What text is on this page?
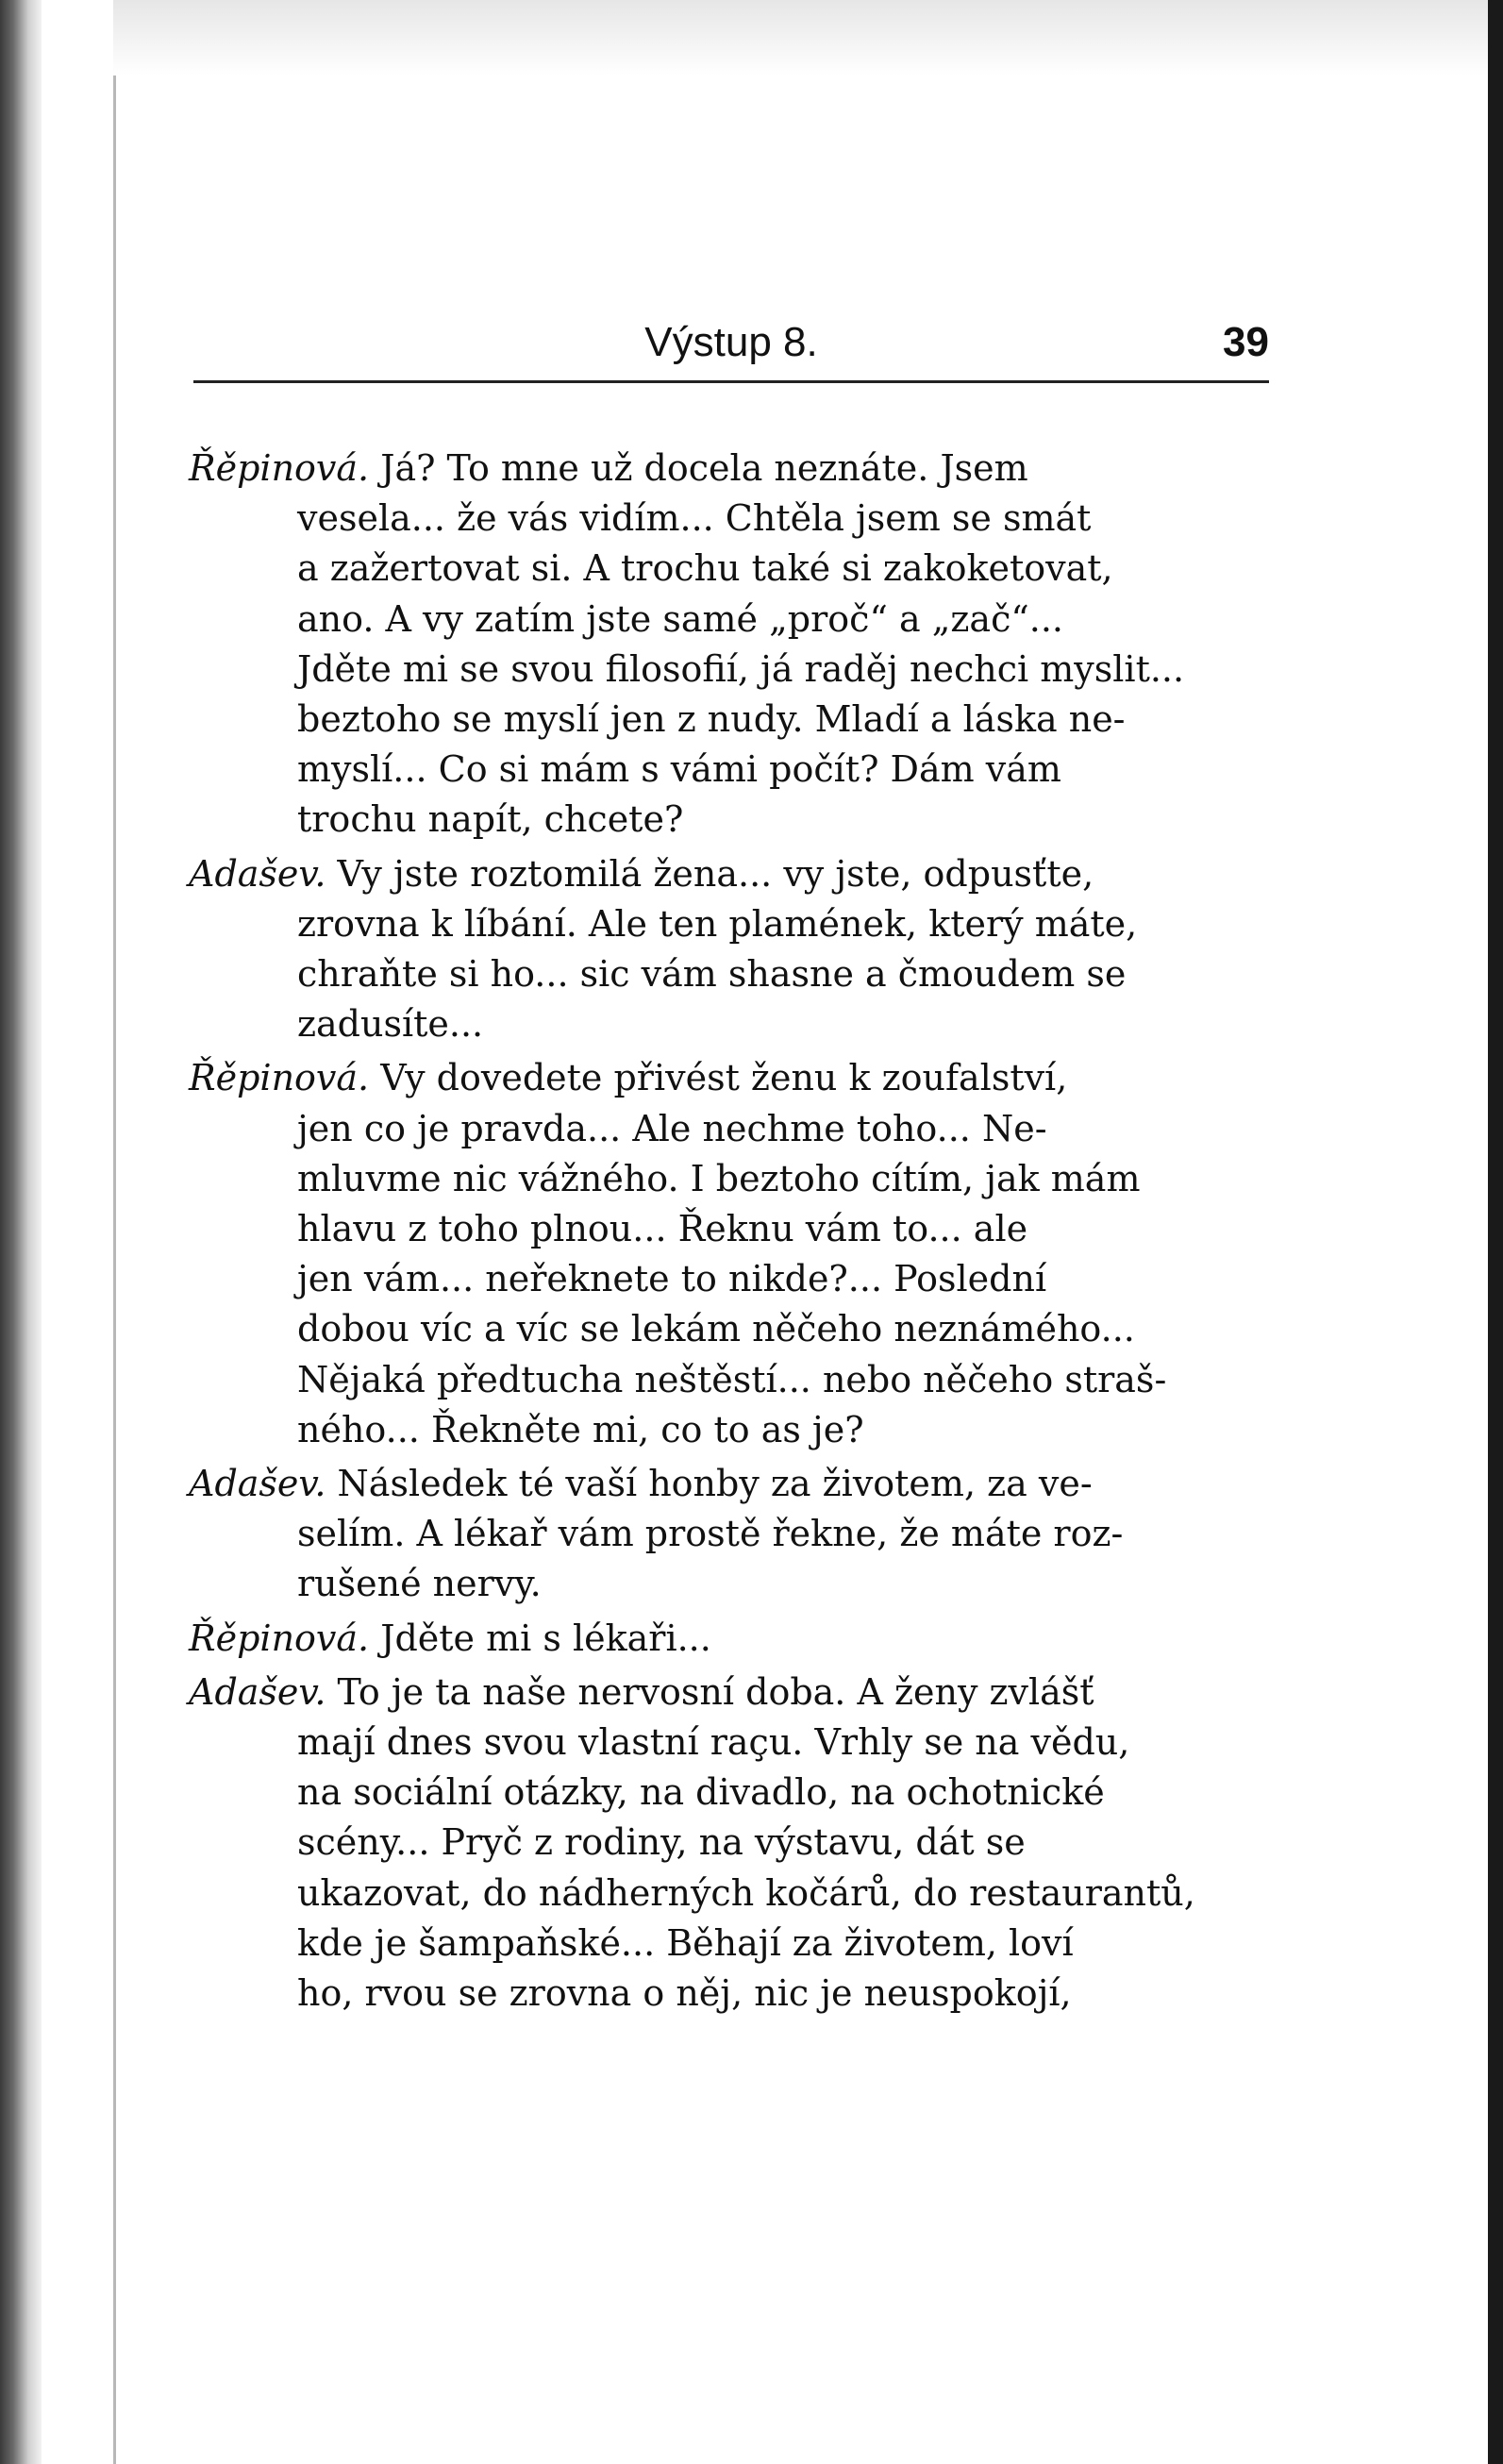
Výstup 8.	39
Řěpinová. Já? To mne už docela neznáte. Jsem
vesela... že vás vidím... Chtěla jsem se smát
a zažertovat si. A trochu také si zakoketovat,
ano. A vy zatím jste samé „proč“ a „zač“...
Jděte mi se svou filosofií, já raděj nechci myslit...
beztoho se myslí jen z nudy. Mladí a láska ne-
myslí... Co si mám s vámi počít? Dám vám
trochu napít, chcete?
Adašev. Vy jste roztomilá žena... vy jste, odpusťte,
zrovna k líbání. Ale ten plamének, který máte,
chraňte si ho... sic vám shasne a čmoudem se
zadusíte...
Řěpinová. Vy dovedete přivést ženu k zoufalství,
jen co je pravda... Ale nechme toho... Ne-
mluvme nic vážného. I beztoho cítím, jak mám
hlavu z toho plnou... Řeknu vám to... ale
jen vám... neřeknete to nikde?... Poslední
dobou víc a víc se lekám něčeho neznámého...
Nějaká předtucha neštěstí... nebo něčeho straš-
ného... Řekněte mi, co to as je?
Adašev. Následek té vaší honby za životem, za ve-
selím. A lékař vám prostě řekne, že máte roz-
rušené nervy.
Řěpinová. Jděte mi s lékaři...
Adašev. To je ta naše nervosní doba. A ženy zvlášť
mají dnes svou vlastní raçu. Vrhly se na vědu,
na sociální otázky, na divadlo, na ochotnické
scény... Pryč z rodiny, na výstavu, dát se
ukazovat, do nádherných kočárů, do restaurantů,
kde je šampaňské... Běhají za životem, loví
ho, rvou se zrovna o něj, nic je neuspokojí,
